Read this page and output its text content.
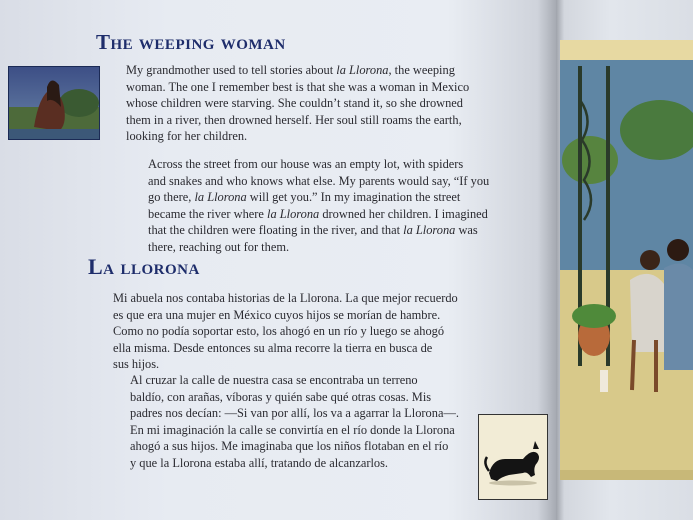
The weeping woman
My grandmother used to tell stories about la Llorona, the weeping
woman. The one I remember best is that she was a woman in Mexico
whose children were starving. She couldn’t stand it, so she drowned
them in a river, then drowned herself. Her soul still roams the earth,
looking for her children.
Across the street from our house was an empty lot, with spiders
and snakes and who knows what else. My parents would say, “If you
go there, la Llorona will get you.” In my imagination the street
became the river where la Llorona drowned her children. I imagined
that the children were floating in the river, and that la Llorona was
there, reaching out for them.
La llorona
Mi abuela nos contaba historias de la Llorona. La que mejor recuerdo
es que era una mujer en México cuyos hijos se morían de hambre.
Como no podía soportar esto, los ahogó en un río y luego se ahogó
ella misma. Desde entonces su alma recorre la tierra en busca de
sus hijos.
Al cruzar la calle de nuestra casa se encontraba un terreno
baldío, con arañas, víboras y quién sabe qué otras cosas. Mis
padres nos decían: —Si van por allí, los va a agarrar la Llorona—.
En mi imaginación la calle se convirtía en el río donde la Llorona
ahogó a sus hijos. Me imaginaba que los niños flotaban en el río
y que la Llorona estaba allí, tratando de alcanzarlos.
